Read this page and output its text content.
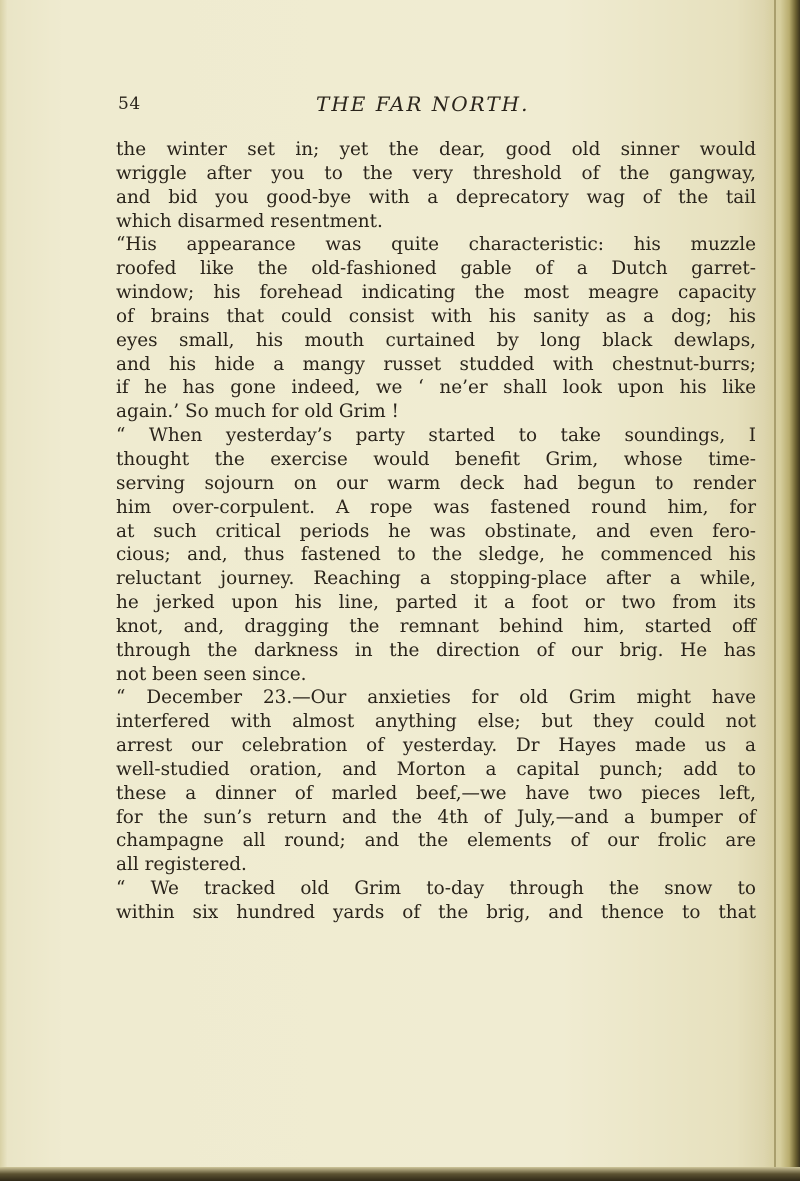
54	THE FAR NORTH.
the winter set in; yet the dear, good old sinner would
wriggle after you to the very threshold of the gangway,
and bid you good-bye with a deprecatory wag of the tail
which disarmed resentment.
“His appearance was quite characteristic: his muzzle
roofed like the old-fashioned gable of a Dutch garret-
window; his forehead indicating the most meagre capacity
of brains that could consist with his sanity as a dog; his
eyes small, his mouth curtained by long black dewlaps,
and his hide a mangy russet studded with chestnut-burrs;
if he has gone indeed, we ‘ ne’er shall look upon his like
again.’ So much for old Grim !
“ When yesterday’s party started to take soundings, I
thought the exercise would benefit Grim, whose time-
serving sojourn on our warm deck had begun to render
him over-corpulent. A rope was fastened round him, for
at such critical periods he was obstinate, and even fero-
cious; and, thus fastened to the sledge, he commenced his
reluctant journey. Reaching a stopping-place after a while,
he jerked upon his line, parted it a foot or two from its
knot, and, dragging the remnant behind him, started off
through the darkness in the direction of our brig. He has
not been seen since.
“ December 23.—Our anxieties for old Grim might have
interfered with almost anything else; but they could not
arrest our celebration of yesterday. Dr Hayes made us a
well-studied oration, and Morton a capital punch; add to
these a dinner of marled beef,—we have two pieces left,
for the sun’s return and the 4th of July,—and a bumper of
champagne all round; and the elements of our frolic are
all registered.
“ We tracked old Grim to-day through the snow to
within six hundred yards of the brig, and thence to that
